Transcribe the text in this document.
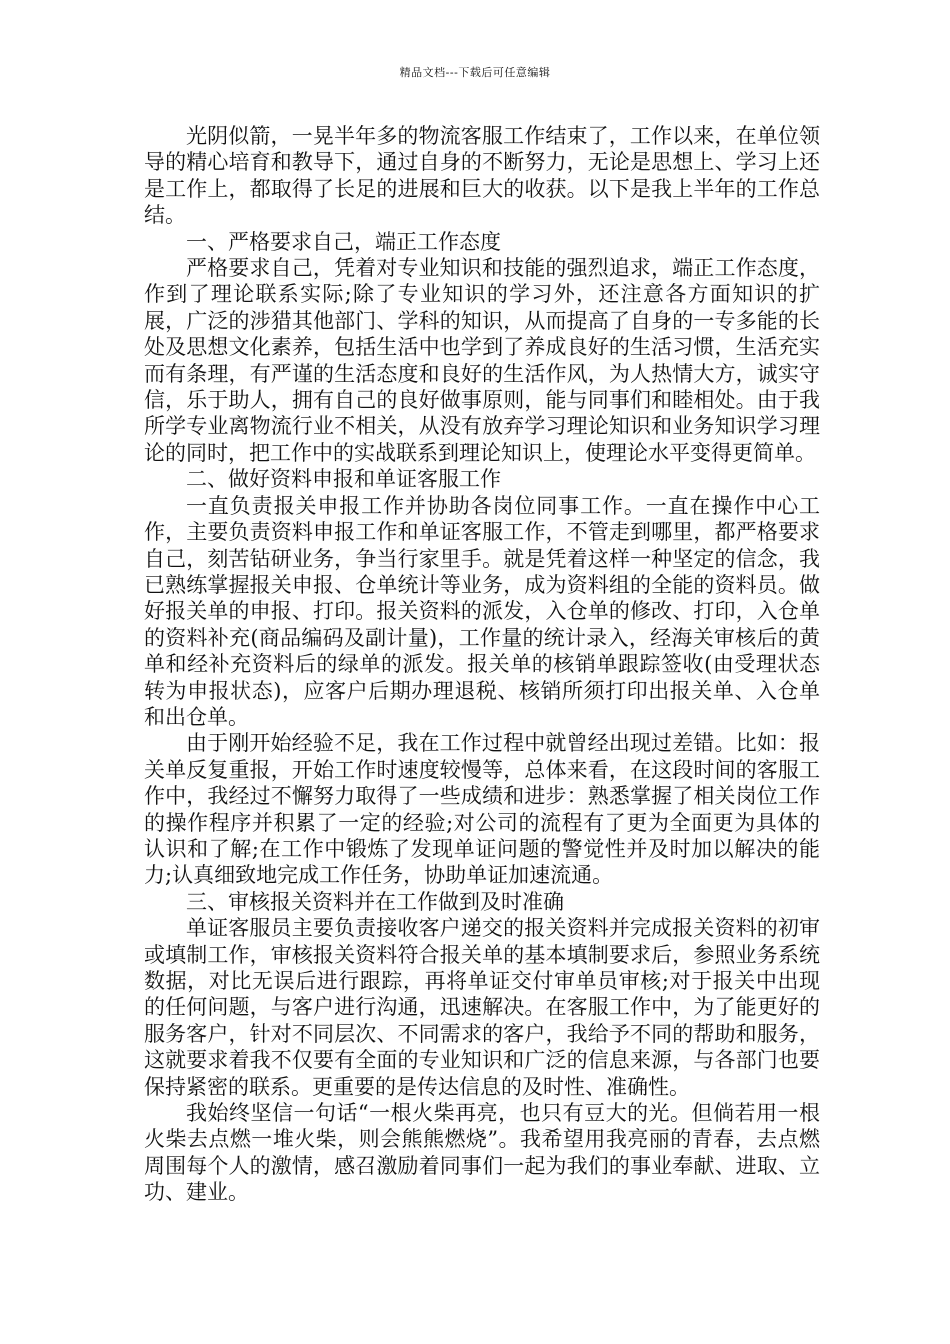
精品文档---下载后可任意编辑

光阴似箭，一晃半年多的物流客服工作结束了，工作以来，在单位领导的精心培育和教导下，通过自身的不断努力，无论是思想上、学习上还是工作上，都取得了长足的进展和巨大的收获。以下是我上半年的工作总结。

一、严格要求自己，端正工作态度

严格要求自己，凭着对专业知识和技能的强烈追求，端正工作态度，作到了理论联系实际;除了专业知识的学习外，还注意各方面知识的扩展，广泛的涉猎其他部门、学科的知识，从而提高了自身的一专多能的长处及思想文化素养，包括生活中也学到了养成良好的生活习惯，生活充实而有条理，有严谨的生活态度和良好的生活作风，为人热情大方，诚实守信，乐于助人，拥有自己的良好做事原则，能与同事们和睦相处。由于我所学专业离物流行业不相关，从没有放弃学习理论知识和业务知识学习理论的同时，把工作中的实战联系到理论知识上，使理论水平变得更简单。

二、做好资料申报和单证客服工作

一直负责报关申报工作并协助各岗位同事工作。一直在操作中心工作，主要负责资料申报工作和单证客服工作，不管走到哪里，都严格要求自己，刻苦钻研业务，争当行家里手。就是凭着这样一种坚定的信念，我已熟练掌握报关申报、仓单统计等业务，成为资料组的全能的资料员。做好报关单的申报、打印。报关资料的派发，入仓单的修改、打印，入仓单的资料补充(商品编码及副计量)，工作量的统计录入，经海关审核后的黄单和经补充资料后的绿单的派发。报关单的核销单跟踪签收(由受理状态转为申报状态)，应客户后期办理退税、核销所须打印出报关单、入仓单和出仓单。

由于刚开始经验不足，我在工作过程中就曾经出现过差错。比如：报关单反复重报，开始工作时速度较慢等，总体来看，在这段时间的客服工作中，我经过不懈努力取得了一些成绩和进步：熟悉掌握了相关岗位工作的操作程序并积累了一定的经验;对公司的流程有了更为全面更为具体的认识和了解;在工作中锻炼了发现单证问题的警觉性并及时加以解决的能力;认真细致地完成工作任务，协助单证加速流通。

三、审核报关资料并在工作做到及时准确

单证客服员主要负责接收客户递交的报关资料并完成报关资料的初审或填制工作，审核报关资料符合报关单的基本填制要求后，参照业务系统数据，对比无误后进行跟踪，再将单证交付审单员审核;对于报关中出现的任何问题，与客户进行沟通，迅速解决。在客服工作中，为了能更好的服务客户，针对不同层次、不同需求的客户，我给予不同的帮助和服务，这就要求着我不仅要有全面的专业知识和广泛的信息来源，与各部门也要保持紧密的联系。更重要的是传达信息的及时性、准确性。

我始终坚信一句话“一根火柴再亮，也只有豆大的光。但倘若用一根火柴去点燃一堆火柴，则会熊熊燃烧”。我希望用我亮丽的青春，去点燃周围每个人的激情，感召激励着同事们一起为我们的事业奉献、进取、立功、建业。
